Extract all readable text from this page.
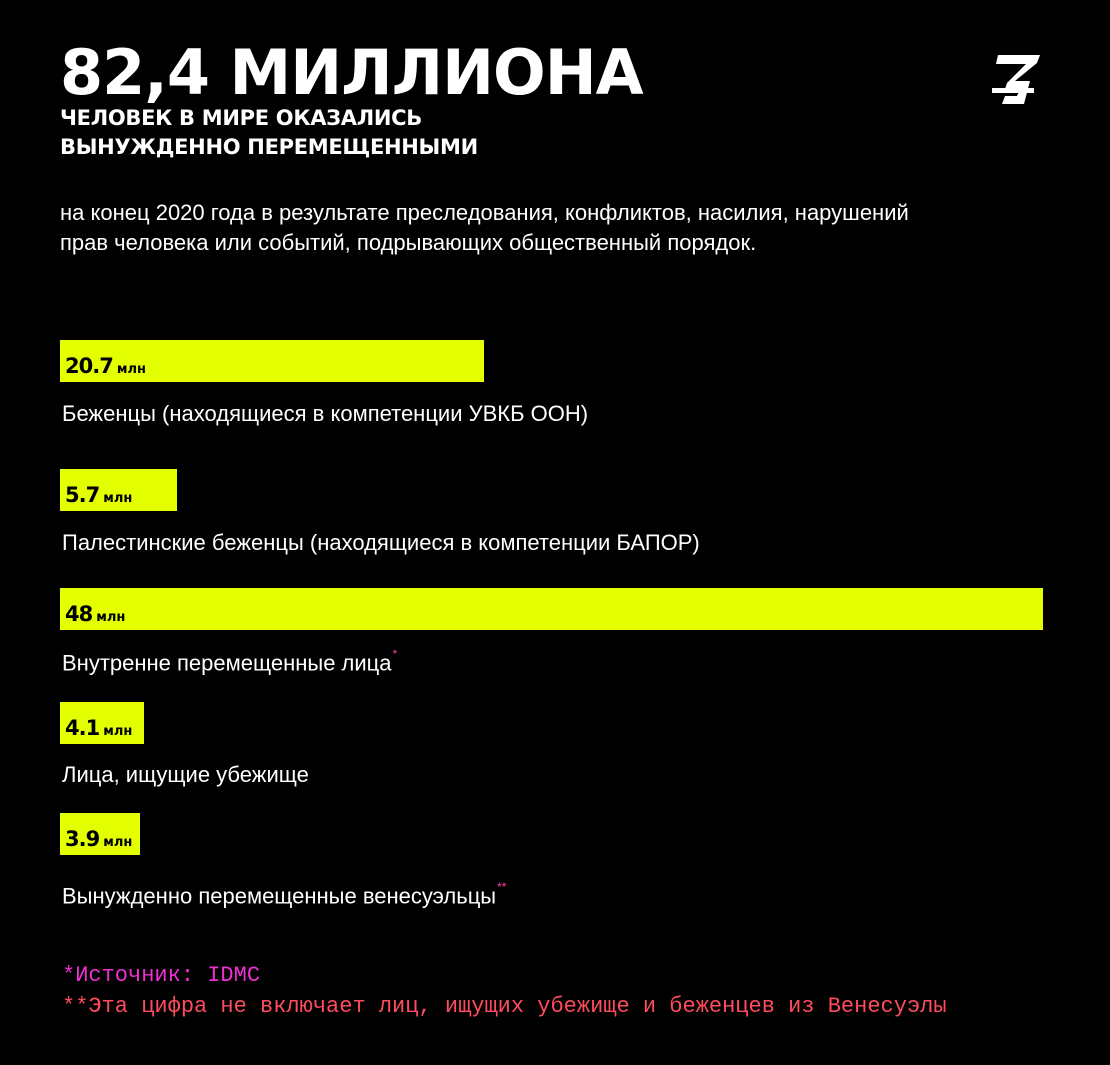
82,4 МИЛЛИОНА
ЧЕЛОВЕК В МИРЕ ОКАЗАЛИСЬ
ВЫНУЖДЕННО ПЕРЕМЕЩЕННЫМИ
на конец 2020 года в результате преследования, конфликтов, насилия, нарушений прав человека или событий, подрывающих общественный порядок.
20.7 млн
Беженцы (находящиеся в компетенции УВКБ ООН)
5.7 млн
Палестинские беженцы (находящиеся в компетенции БАПОР)
48 млн
Внутренне перемещенные лица*
4.1 млн
Лица, ищущие убежище
3.9 млн
Вынужденно перемещенные венесуэльцы**
*Источник: IDMC
**Эта цифра не включает лиц, ищущих убежище и беженцев из Венесуэлы
